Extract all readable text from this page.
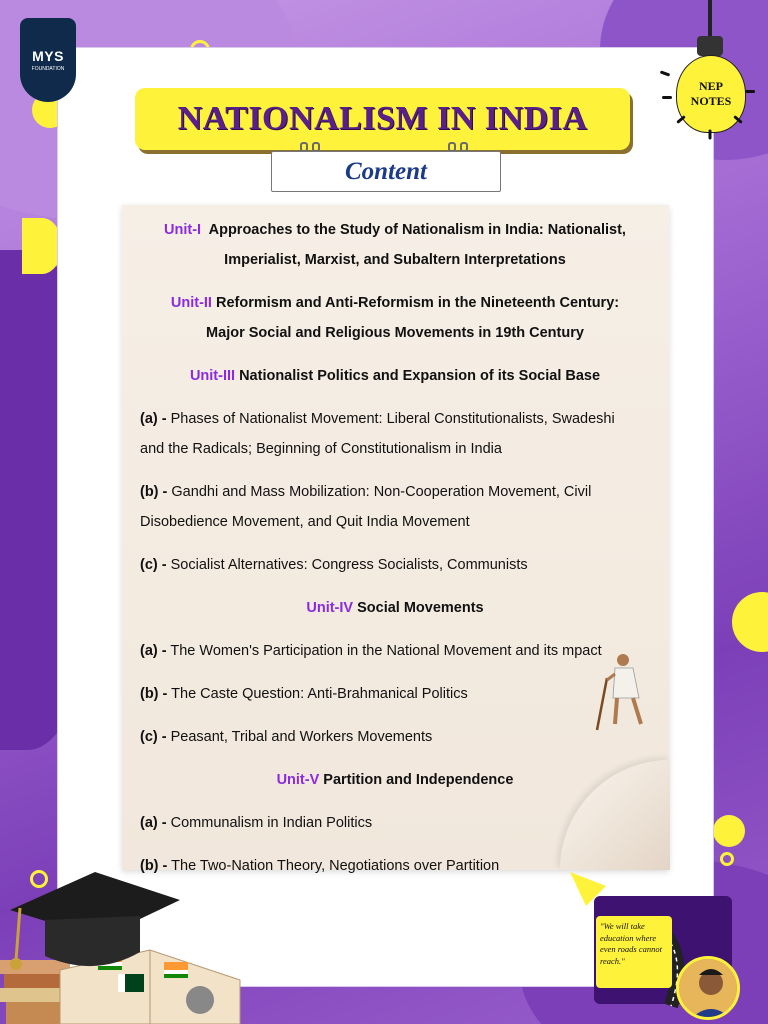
MYS
FOUNDATION
NEP
NOTES
NATIONALISM IN INDIA
Content
Unit-I Approaches to the Study of Nationalism in India: Nationalist,
Imperialist, Marxist, and Subaltern Interpretations
Unit-II Reformism and Anti-Reformism in the Nineteenth Century:
Major Social and Religious Movements in 19th Century
Unit-III Nationalist Politics and Expansion of its Social Base
(a) - Phases of Nationalist Movement: Liberal Constitutionalists, Swadeshi
and the Radicals; Beginning of Constitutionalism in India
(b) - Gandhi and Mass Mobilization: Non-Cooperation Movement, Civil
Disobedience Movement, and Quit India Movement
(c) - Socialist Alternatives: Congress Socialists, Communists
Unit-IV Social Movements
(a) - The Women's Participation in the National Movement and its mpact
(b) - The Caste Question: Anti-Brahmanical Politics
(c) - Peasant, Tribal and Workers Movements
Unit-V Partition and Independence
(a) - Communalism in Indian Politics
(b) - The Two-Nation Theory, Negotiations over Partition
"We will take education where even roads cannot reach."
